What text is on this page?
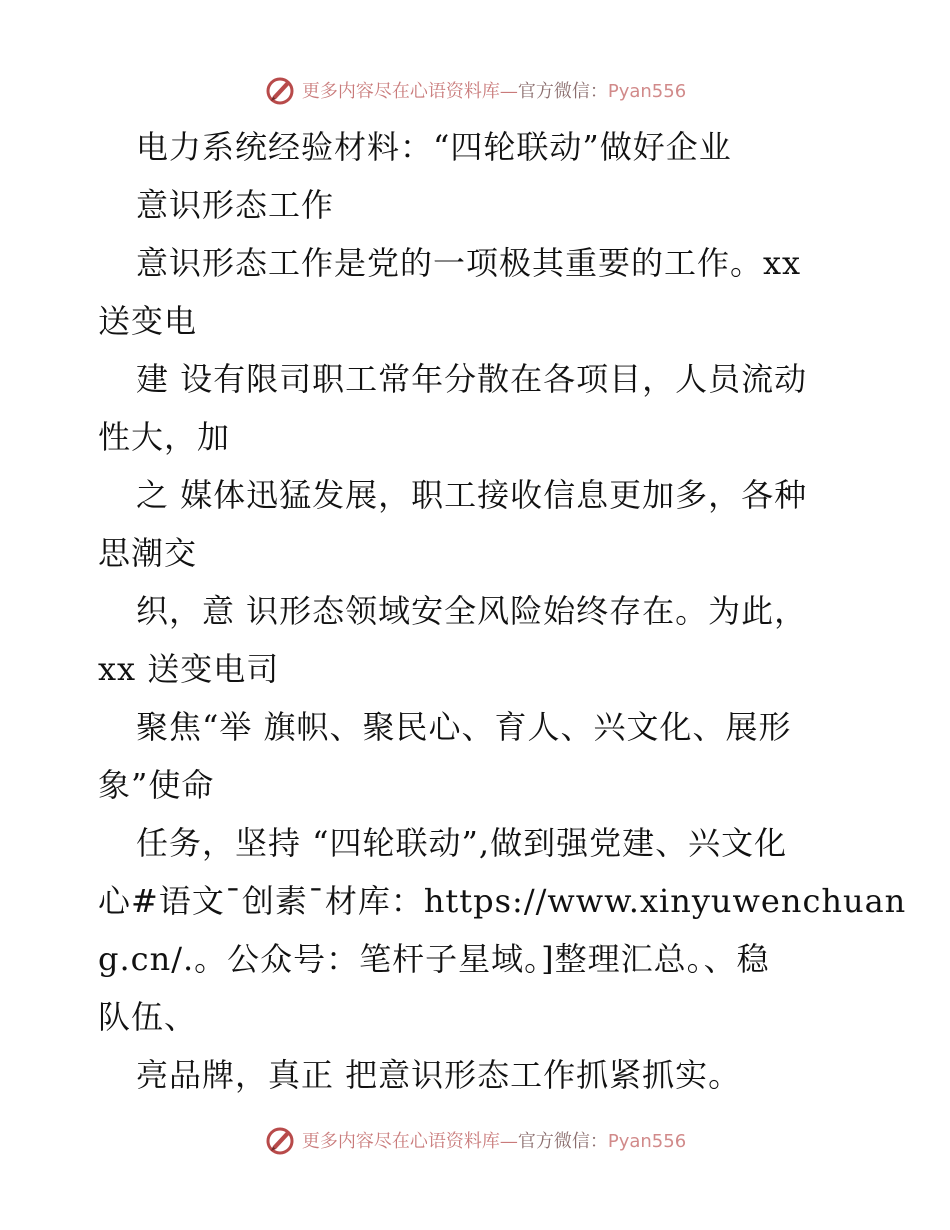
更多内容尽在心语资料库—官方微信：Pyan556
电力系统经验材料：“四轮联动”做好企业
意识形态工作
意识形态工作是党的一项极其重要的工作。xx
送变电
建 设有限司职工常年分散在各项目，人员流动
性大，加
之 媒体迅猛发展，职工接收信息更加多，各种
思潮交
织，意 识形态领域安全风险始终存在。为此，
xx 送变电司
聚焦“举 旗帜、聚民心、育人、兴文化、展形
象”使命
任务，坚持 “四轮联动”,做到强党建、兴文化
心#语文¯创素¯材库：https://www.xinyuwenchuan
g.cn/.。公众号：笔杆子星域。]整理汇总。、稳
队伍、
亮品牌，真正 把意识形态工作抓紧抓实。
更多内容尽在心语资料库—官方微信：Pyan556
